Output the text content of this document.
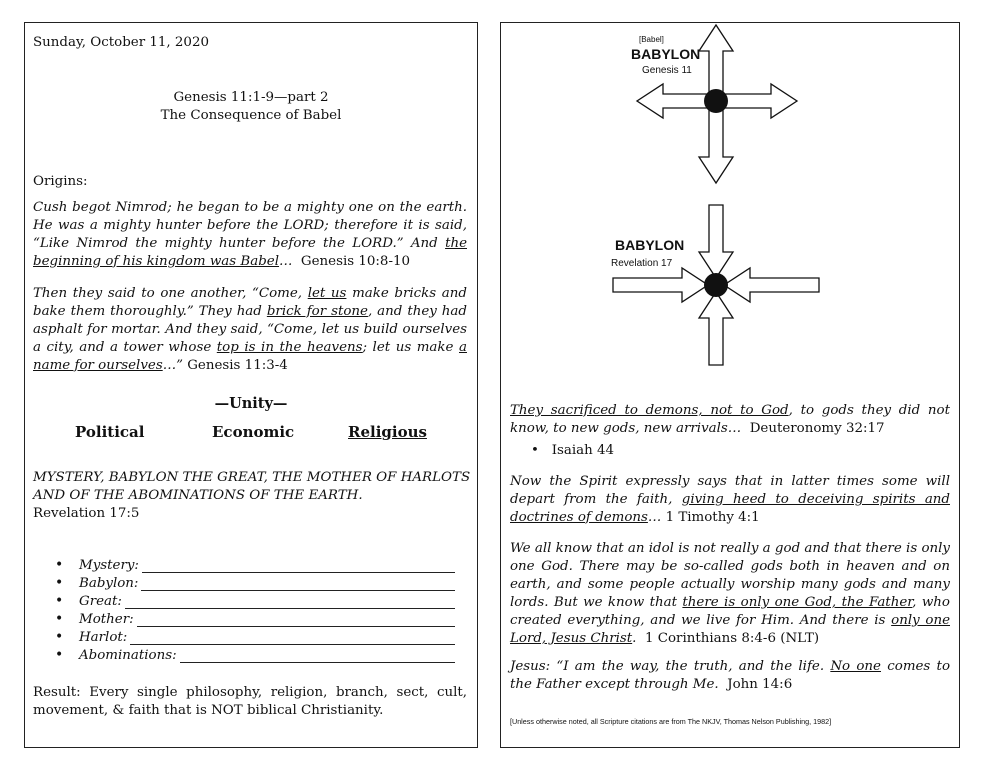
Sunday, October 11, 2020

Genesis 11:1-9—part 2
The Consequence of Babel

Origins:

Cush begot Nimrod; he began to be a mighty one on the earth. He was a mighty hunter before the LORD; therefore it is said, “Like Nimrod the mighty hunter before the LORD.” And the beginning of his kingdom was Babel… Genesis 10:8-10

Then they said to one another, “Come, let us make bricks and bake them thoroughly.” They had brick for stone, and they had asphalt for mortar. And they said, “Come, let us build ourselves a city, and a tower whose top is in the heavens; let us make a name for ourselves…” Genesis 11:3-4

—Unity—

Political	Economic	Religious

MYSTERY, BABYLON THE GREAT, THE MOTHER OF HARLOTS AND OF THE ABOMINATIONS OF THE EARTH.

Revelation 17:5

•	Mystery:
•	Babylon:
•	Great:
•	Mother:
•	Harlot:
•	Abominations:

Result: Every single philosophy, religion, branch, sect, cult, movement, & faith that is NOT biblical Christianity.

[Babel]
BABYLON
Genesis 11
BABYLON
Revelation 17

They sacrificed to demons, not to God, to gods they did not know, to new gods, new arrivals… Deuteronomy 32:17

• Isaiah 44

Now the Spirit expressly says that in latter times some will depart from the faith, giving heed to deceiving spirits and doctrines of demons… 1 Timothy 4:1

We all know that an idol is not really a god and that there is only one God. There may be so-called gods both in heaven and on earth, and some people actually worship many gods and many lords. But we know that there is only one God, the Father, who created everything, and we live for Him. And there is only one Lord, Jesus Christ. 1 Corinthians 8:4-6 (NLT)

Jesus: “I am the way, the truth, and the life. No one comes to the Father except through Me. John 14:6

[Unless otherwise noted, all Scripture citations are from The NKJV, Thomas Nelson Publishing, 1982]
